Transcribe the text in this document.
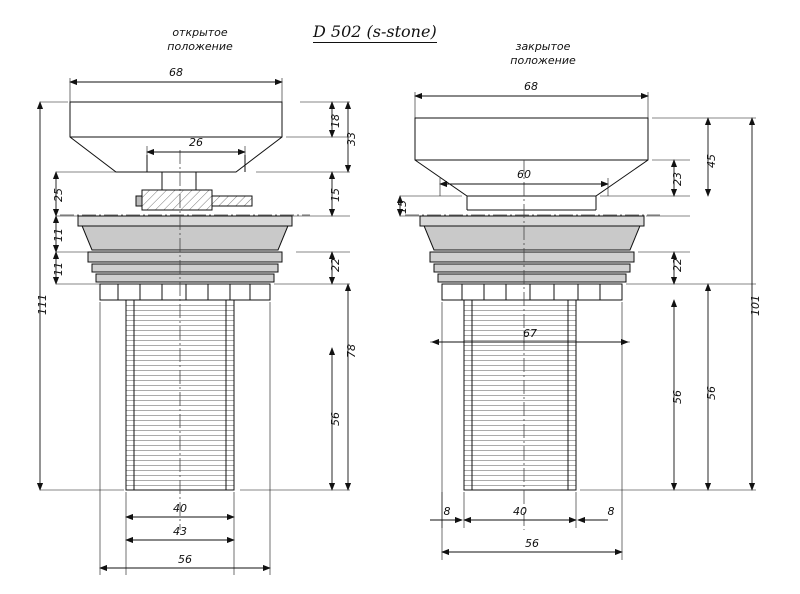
D 502 (s-stone)
открытое
положение	закрытое
положение
68
26
40
43
56
111
25
11
11
18
33
15
22
78
56
68
60
67
8	8
40
56
15
23
45
22
56 56
101
